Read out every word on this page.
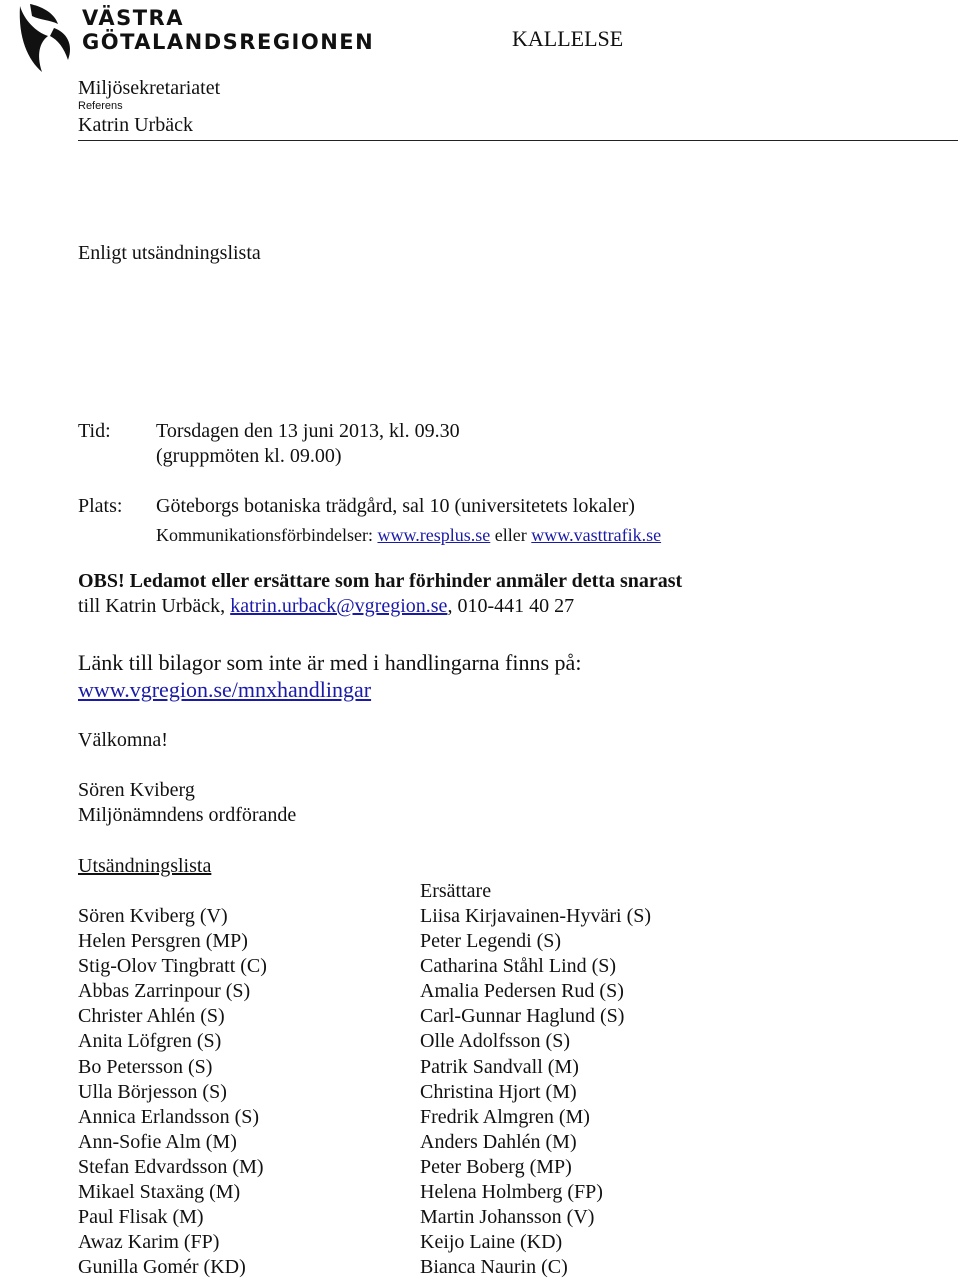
VÄSTRA
GÖTALANDSREGIONEN	KALLELSE
Miljösekretariatet
Referens
Katrin Urbäck
Enligt utsändningslista
Tid: Torsdagen den 13 juni 2013, kl. 09.30
(gruppmöten kl. 09.00)
Plats: Göteborgs botaniska trädgård, sal 10 (universitetets lokaler)
Kommunikationsförbindelser: www.resplus.se eller www.vasttrafik.se
OBS! Ledamot eller ersättare som har förhinder anmäler detta snarast
till Katrin Urbäck, katrin.urback@vgregion.se, 010-441 40 27
Länk till bilagor som inte är med i handlingarna finns på:
www.vgregion.se/mnxhandlingar
Välkomna!
Sören Kviberg
Miljönämndens ordförande
Utsändningslista
Ersättare
Sören Kviberg (V)
Helen Persgren (MP)
Stig-Olov Tingbratt (C)
Abbas Zarrinpour (S)
Christer Ahlén (S)
Anita Löfgren (S)
Bo Petersson (S)
Ulla Börjesson (S)
Annica Erlandsson (S)
Ann-Sofie Alm (M)
Stefan Edvardsson (M)
Mikael Staxäng (M)
Paul Flisak (M)
Awaz Karim (FP)
Gunilla Gomér (KD)
Liisa Kirjavainen-Hyväri (S)
Peter Legendi (S)
Catharina Ståhl Lind (S)
Amalia Pedersen Rud (S)
Carl-Gunnar Haglund (S)
Olle Adolfsson (S)
Patrik Sandvall (M)
Christina Hjort (M)
Fredrik Almgren (M)
Anders Dahlén (M)
Peter Boberg (MP)
Helena Holmberg (FP)
Martin Johansson (V)
Keijo Laine (KD)
Bianca Naurin (C)
